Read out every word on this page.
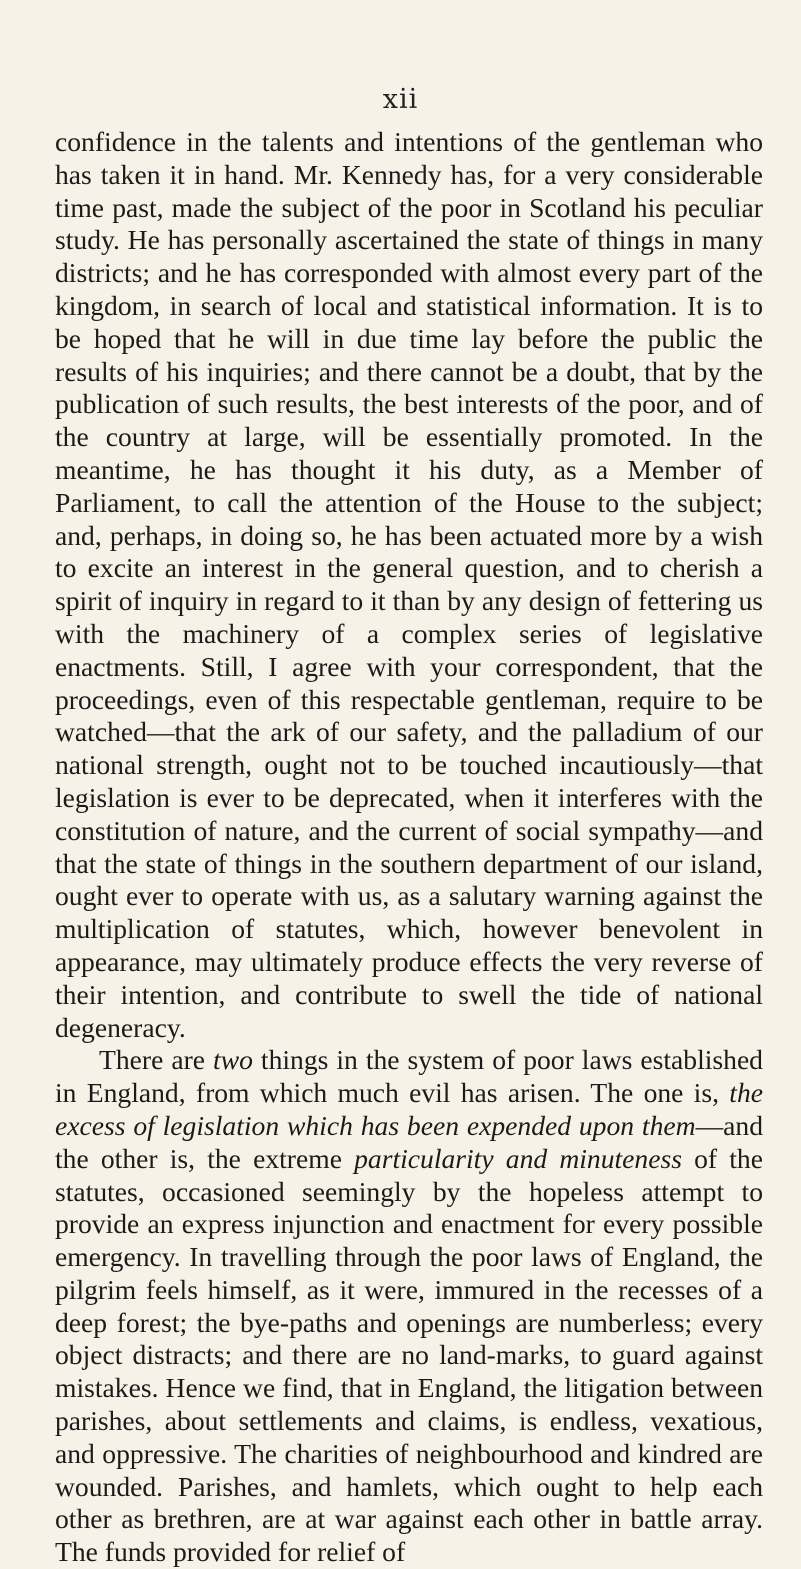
xii

confidence in the talents and intentions of the gentleman who has taken it in hand. Mr. Kennedy has, for a very considerable time past, made the subject of the poor in Scotland his peculiar study. He has personally ascertained the state of things in many districts; and he has corresponded with almost every part of the kingdom, in search of local and statistical information. It is to be hoped that he will in due time lay before the public the results of his inquiries; and there cannot be a doubt, that by the publication of such results, the best interests of the poor, and of the country at large, will be essentially promoted. In the meantime, he has thought it his duty, as a Member of Parliament, to call the attention of the House to the subject; and, perhaps, in doing so, he has been actuated more by a wish to excite an interest in the general question, and to cherish a spirit of inquiry in regard to it than by any design of fettering us with the machinery of a complex series of legislative enactments. Still, I agree with your correspondent, that the proceedings, even of this respectable gentleman, require to be watched—that the ark of our safety, and the palladium of our national strength, ought not to be touched incautiously—that legislation is ever to be deprecated, when it interferes with the constitution of nature, and the current of social sympathy—and that the state of things in the southern department of our island, ought ever to operate with us, as a salutary warning against the multiplication of statutes, which, however benevolent in appearance, may ultimately produce effects the very reverse of their intention, and contribute to swell the tide of national degeneracy.

There are two things in the system of poor laws established in England, from which much evil has arisen. The one is, the excess of legislation which has been expended upon them—and the other is, the extreme particularity and minuteness of the statutes, occasioned seemingly by the hopeless attempt to provide an express injunction and enactment for every possible emergency. In travelling through the poor laws of England, the pilgrim feels himself, as it were, immured in the recesses of a deep forest; the bye-paths and openings are numberless; every object distracts; and there are no land-marks, to guard against mistakes. Hence we find, that in England, the litigation between parishes, about settlements and claims, is endless, vexatious, and oppressive. The charities of neighbourhood and kindred are wounded. Parishes, and hamlets, which ought to help each other as brethren, are at war against each other in battle array. The funds provided for relief of
